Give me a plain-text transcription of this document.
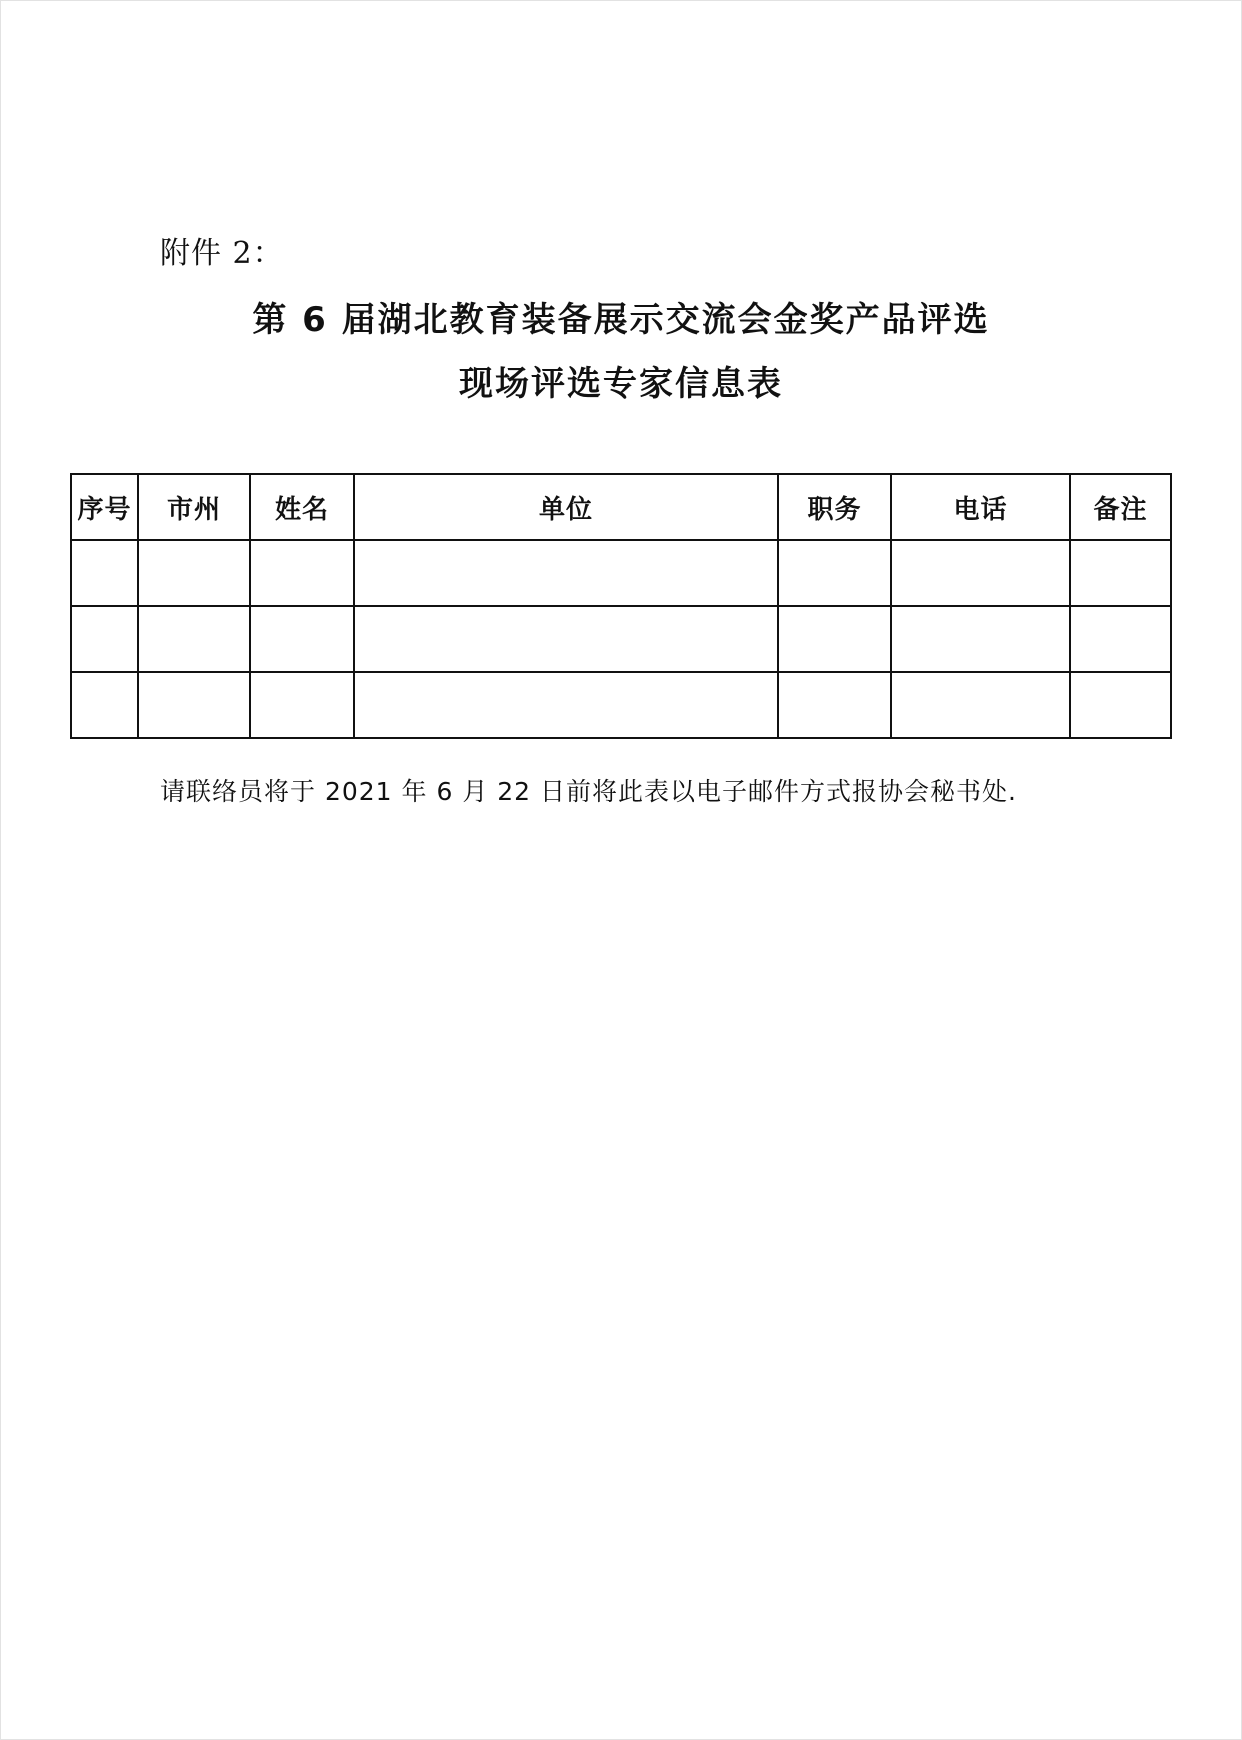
附件 2：
第 6 届湖北教育装备展示交流会金奖产品评选
现场评选专家信息表
序号	市州	姓名	单位	职务	电话	备注

请联络员将于 2021 年 6 月 22 日前将此表以电子邮件方式报协会秘书处.
